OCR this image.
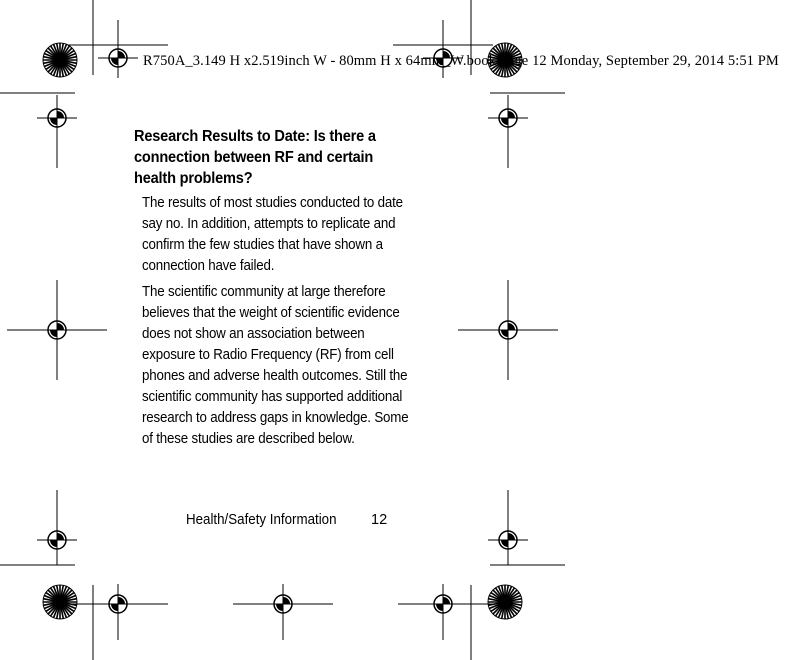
R750A_3.149 H x2.519inch W - 80mm H x 64mm_W.book Page 12 Monday, September 29, 2014 5:51 PM
Research Results to Date: Is there a connection between RF and certain health problems?
The results of most studies conducted to date say no. In addition, attempts to replicate and confirm the few studies that have shown a connection have failed.
The scientific community at large therefore believes that the weight of scientific evidence does not show an association between exposure to Radio Frequency (RF) from cell phones and adverse health outcomes. Still the scientific community has supported additional research to address gaps in knowledge. Some of these studies are described below.
Health/Safety Information 12
